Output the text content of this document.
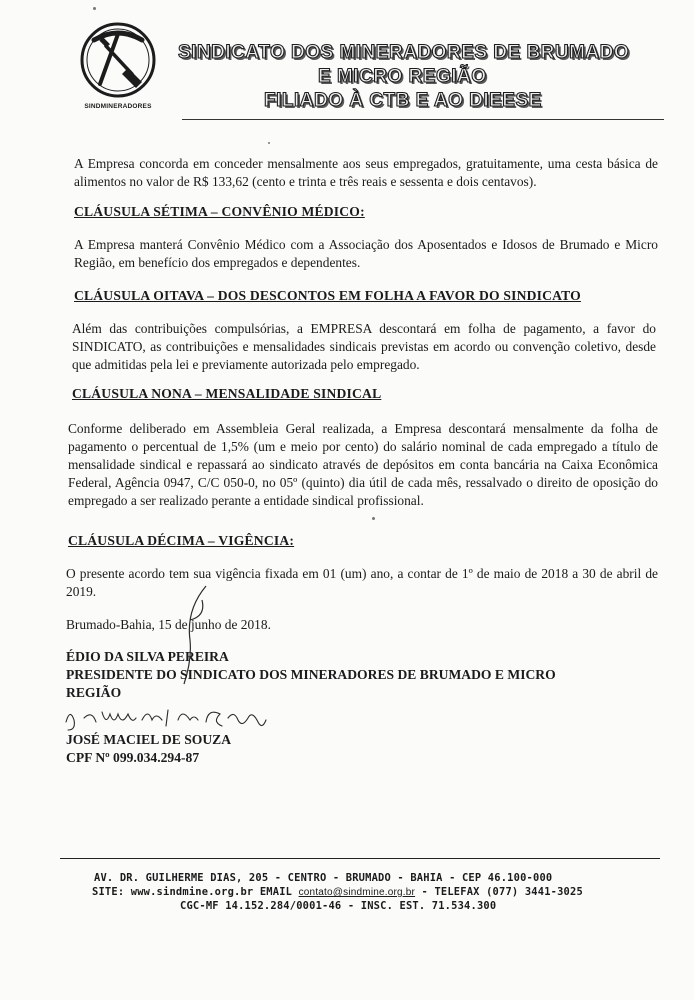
SINDMINERADORES
SINDICATO DOS MINERADORES DE BRUMADO
E MICRO REGIÃO
FILIADO À CTB E AO DIEESE

A Empresa concorda em conceder mensalmente aos seus empregados, gratuitamente, uma cesta básica de alimentos no valor de R$ 133,62 (cento e trinta e três reais e sessenta e dois centavos).

CLÁUSULA SÉTIMA – CONVÊNIO MÉDICO:

A Empresa manterá Convênio Médico com a Associação dos Aposentados e Idosos de Brumado e Micro Região, em benefício dos empregados e dependentes.

CLÁUSULA OITAVA – DOS DESCONTOS EM FOLHA A FAVOR DO SINDICATO

Além das contribuições compulsórias, a EMPRESA descontará em folha de pagamento, a favor do SINDICATO, as contribuições e mensalidades sindicais previstas em acordo ou convenção coletivo, desde que admitidas pela lei e previamente autorizada pelo empregado.

CLÁUSULA NONA – MENSALIDADE SINDICAL

Conforme deliberado em Assembleia Geral realizada, a Empresa descontará mensalmente da folha de pagamento o percentual de 1,5% (um e meio por cento) do salário nominal de cada empregado a título de mensalidade sindical e repassará ao sindicato através de depósitos em conta bancária na Caixa Econômica Federal, Agência 0947, C/C 050-0, no 05º (quinto) dia útil de cada mês, ressalvado o direito de oposição do empregado a ser realizado perante a entidade sindical profissional.

CLÁUSULA DÉCIMA – VIGÊNCIA:

O presente acordo tem sua vigência fixada em 01 (um) ano, a contar de 1º de maio de 2018 a 30 de abril de 2019.

Brumado-Bahia, 15 de junho de 2018.

ÉDIO DA SILVA PEREIRA

PRESIDENTE DO SINDICATO DOS MINERADORES DE BRUMADO E MICRO

REGIÃO

JOSÉ MACIEL DE SOUZA

CPF Nº 099.034.294-87

AV. DR. GUILHERME DIAS, 205 - CENTRO - BRUMADO - BAHIA - CEP 46.100-000
SITE: www.sindmine.org.br EMAIL contato@sindmine.org.br - TELEFAX (077) 3441-3025
CGC-MF 14.152.284/0001-46 - INSC. EST. 71.534.300
